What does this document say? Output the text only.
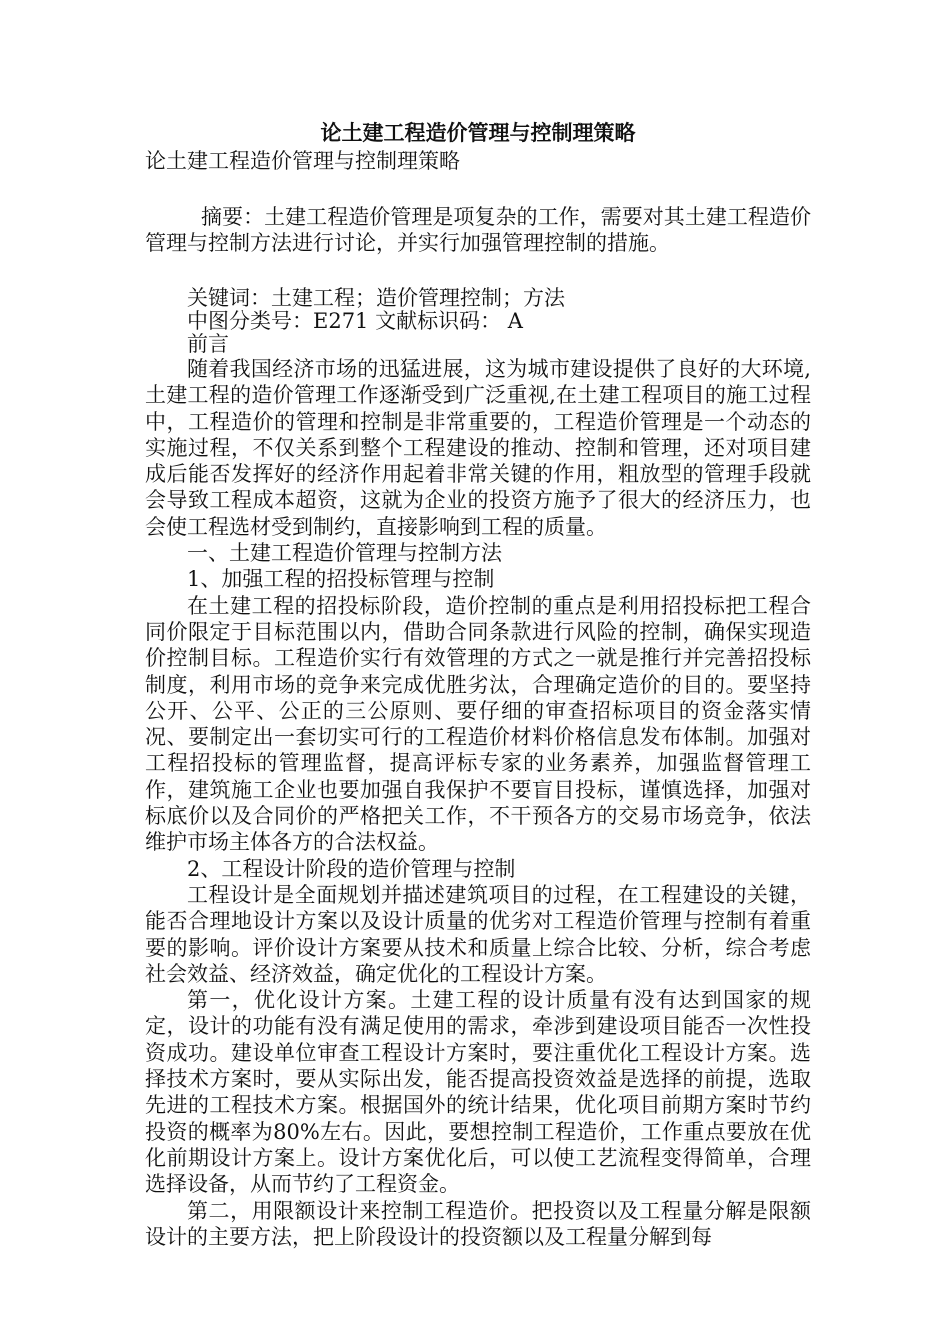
论土建工程造价管理与控制理策略
论土建工程造价管理与控制理策略
摘要：土建工程造价管理是项复杂的工作，需要对其土建工程造价管理与控制方法进行讨论，并实行加强管理控制的措施。
关键词：土建工程；造价管理控制；方法
中图分类号：E271 文献标识码： A
前言
随着我国经济市场的迅猛进展，这为城市建设提供了良好的大环境,土建工程的造价管理工作逐渐受到广泛重视,在土建工程项目的施工过程中，工程造价的管理和控制是非常重要的，工程造价管理是一个动态的实施过程，不仅关系到整个工程建设的推动、控制和管理，还对项目建成后能否发挥好的经济作用起着非常关键的作用，粗放型的管理手段就会导致工程成本超资，这就为企业的投资方施予了很大的经济压力，也会使工程选材受到制约，直接影响到工程的质量。
一、土建工程造价管理与控制方法
1、加强工程的招投标管理与控制
在土建工程的招投标阶段，造价控制的重点是利用招投标把工程合同价限定于目标范围以内，借助合同条款进行风险的控制，确保实现造价控制目标。工程造价实行有效管理的方式之一就是推行并完善招投标制度，利用市场的竞争来完成优胜劣汰，合理确定造价的目的。要坚持公开、公平、公正的三公原则、要仔细的审查招标项目的资金落实情况、要制定出一套切实可行的工程造价材料价格信息发布体制。加强对工程招投标的管理监督，提高评标专家的业务素养，加强监督管理工作，建筑施工企业也要加强自我保护不要盲目投标，谨慎选择，加强对标底价以及合同价的严格把关工作，不干预各方的交易市场竞争，依法维护市场主体各方的合法权益。
2、工程设计阶段的造价管理与控制
工程设计是全面规划并描述建筑项目的过程，在工程建设的关键，能否合理地设计方案以及设计质量的优劣对工程造价管理与控制有着重要的影响。评价设计方案要从技术和质量上综合比较、分析，综合考虑社会效益、经济效益，确定优化的工程设计方案。
第一，优化设计方案。土建工程的设计质量有没有达到国家的规定，设计的功能有没有满足使用的需求，牵涉到建设项目能否一次性投资成功。建设单位审查工程设计方案时，要注重优化工程设计方案。选择技术方案时，要从实际出发，能否提高投资效益是选择的前提，选取先进的工程技术方案。根据国外的统计结果，优化项目前期方案时节约投资的概率为80%左右。因此，要想控制工程造价，工作重点要放在优化前期设计方案上。设计方案优化后，可以使工艺流程变得简单，合理选择设备，从而节约了工程资金。
第二，用限额设计来控制工程造价。把投资以及工程量分解是限额设计的主要方法，把上阶段设计的投资额以及工程量分解到每
